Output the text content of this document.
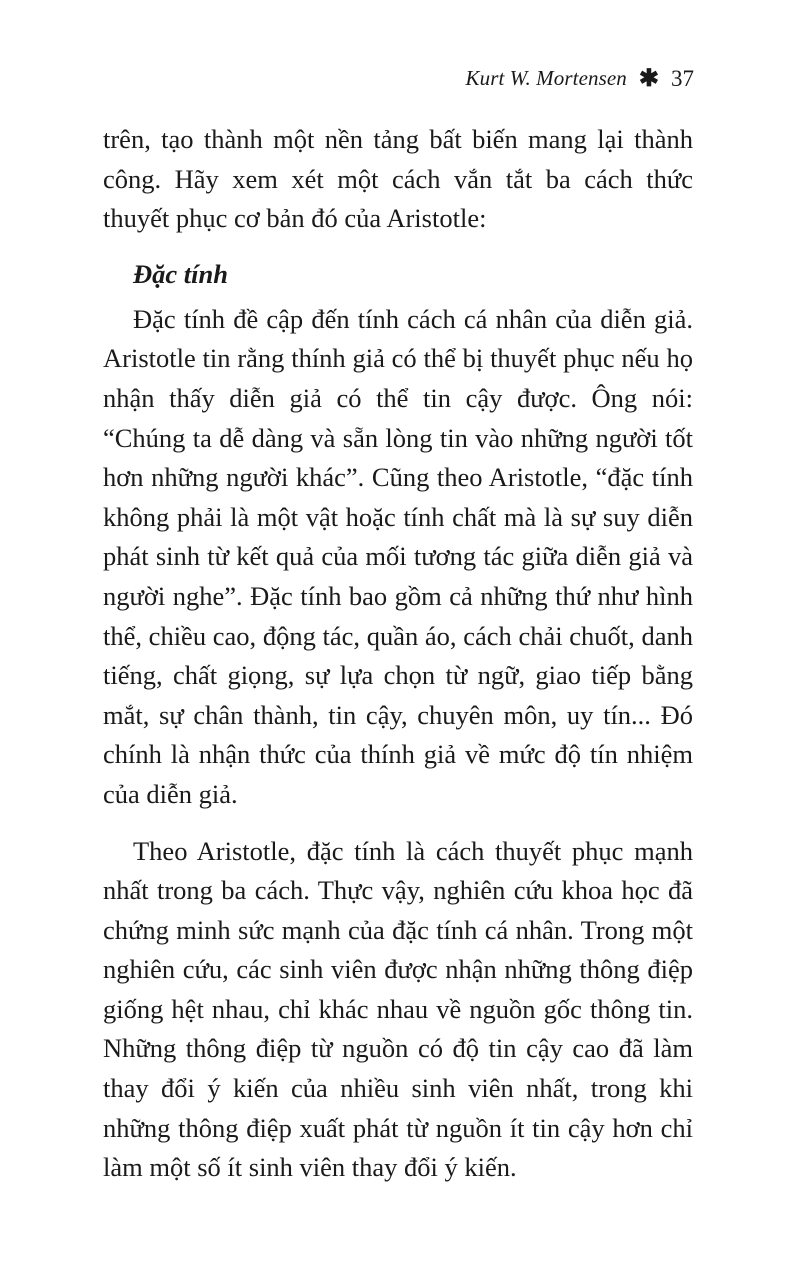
Kurt W. Mortensen ✱ 37

trên, tạo thành một nền tảng bất biến mang lại thành công. Hãy xem xét một cách vắn tắt ba cách thức thuyết phục cơ bản đó của Aristotle:

Đặc tính

Đặc tính đề cập đến tính cách cá nhân của diễn giả. Aristotle tin rằng thính giả có thể bị thuyết phục nếu họ nhận thấy diễn giả có thể tin cậy được. Ông nói: “Chúng ta dễ dàng và sẵn lòng tin vào những người tốt hơn những người khác”. Cũng theo Aristotle, “đặc tính không phải là một vật hoặc tính chất mà là sự suy diễn phát sinh từ kết quả của mối tương tác giữa diễn giả và người nghe”. Đặc tính bao gồm cả những thứ như hình thể, chiều cao, động tác, quần áo, cách chải chuốt, danh tiếng, chất giọng, sự lựa chọn từ ngữ, giao tiếp bằng mắt, sự chân thành, tin cậy, chuyên môn, uy tín... Đó chính là nhận thức của thính giả về mức độ tín nhiệm của diễn giả.

Theo Aristotle, đặc tính là cách thuyết phục mạnh nhất trong ba cách. Thực vậy, nghiên cứu khoa học đã chứng minh sức mạnh của đặc tính cá nhân. Trong một nghiên cứu, các sinh viên được nhận những thông điệp giống hệt nhau, chỉ khác nhau về nguồn gốc thông tin. Những thông điệp từ nguồn có độ tin cậy cao đã làm thay đổi ý kiến của nhiều sinh viên nhất, trong khi những thông điệp xuất phát từ nguồn ít tin cậy hơn chỉ làm một số ít sinh viên thay đổi ý kiến.
